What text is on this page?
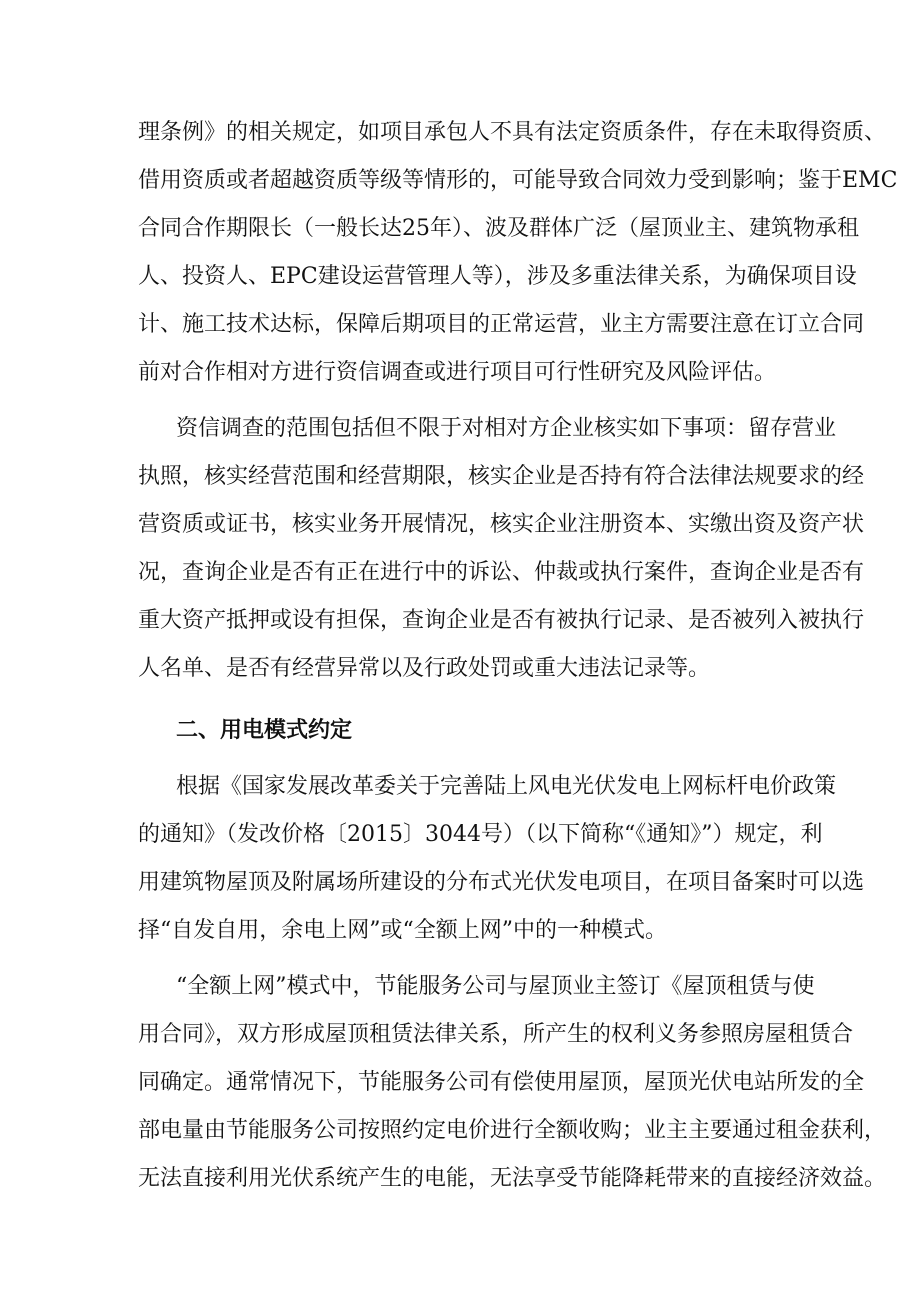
理条例》的相关规定，如项目承包人不具有法定资质条件，存在未取得资质、
借用资质或者超越资质等级等情形的，可能导致合同效力受到影响；鉴于EMC
合同合作期限长（一般长达25年）、波及群体广泛（屋顶业主、建筑物承租
人、投资人、EPC建设运营管理人等），涉及多重法律关系，为确保项目设
计、施工技术达标，保障后期项目的正常运营，业主方需要注意在订立合同
前对合作相对方进行资信调查或进行项目可行性研究及风险评估。
资信调查的范围包括但不限于对相对方企业核实如下事项：留存营业
执照，核实经营范围和经营期限，核实企业是否持有符合法律法规要求的经
营资质或证书，核实业务开展情况，核实企业注册资本、实缴出资及资产状
况，查询企业是否有正在进行中的诉讼、仲裁或执行案件，查询企业是否有
重大资产抵押或设有担保，查询企业是否有被执行记录、是否被列入被执行
人名单、是否有经营异常以及行政处罚或重大违法记录等。
二、用电模式约定
根据《国家发展改革委关于完善陆上风电光伏发电上网标杆电价政策
的通知》（发改价格〔2015〕3044号）（以下简称“《通知》”）规定，利
用建筑物屋顶及附属场所建设的分布式光伏发电项目，在项目备案时可以选
择“自发自用，余电上网”或“全额上网”中的一种模式。
“全额上网”模式中，节能服务公司与屋顶业主签订《屋顶租赁与使
用合同》，双方形成屋顶租赁法律关系，所产生的权利义务参照房屋租赁合
同确定。通常情况下，节能服务公司有偿使用屋顶，屋顶光伏电站所发的全
部电量由节能服务公司按照约定电价进行全额收购；业主主要通过租金获利，
无法直接利用光伏系统产生的电能，无法享受节能降耗带来的直接经济效益。
